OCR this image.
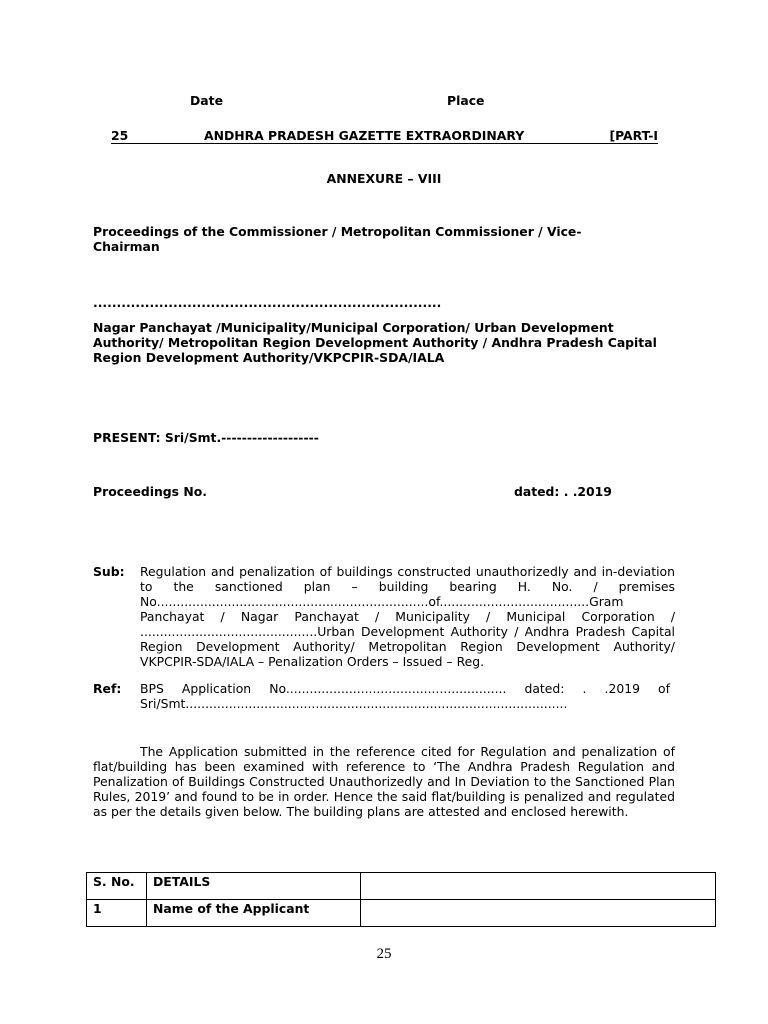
Date	Place
25	ANDHRA PRADESH GAZETTE EXTRAORDINARY	[PART-I
ANNEXURE – VIII
Proceedings of the Commissioner / Metropolitan Commissioner / Vice-Chairman
..........................................................................
Nagar Panchayat /Municipality/Municipal Corporation/ Urban Development Authority/ Metropolitan Region Development Authority / Andhra Pradesh Capital Region Development Authority/VKPCPIR-SDA/IALA
PRESENT: Sri/Smt.-------------------
Proceedings No.	dated: . .2019
Sub: Regulation and penalization of buildings constructed unauthorizedly and in-deviation to the sanctioned plan – building bearing H. No. / premises No.....................................................................of......................................Gram Panchayat / Nagar Panchayat / Municipality / Municipal Corporation / .............................................Urban Development Authority / Andhra Pradesh Capital Region Development Authority/ Metropolitan Region Development Authority/ VKPCPIR-SDA/IALA – Penalization Orders – Issued – Reg.
Ref: BPS Application No........................................................ dated: . .2019 of Sri/Smt.................................................................................................
The Application submitted in the reference cited for Regulation and penalization of flat/building has been examined with reference to ‘The Andhra Pradesh Regulation and Penalization of Buildings Constructed Unauthorizedly and In Deviation to the Sanctioned Plan Rules, 2019’ and found to be in order. Hence the said flat/building is penalized and regulated as per the details given below. The building plans are attested and enclosed herewith.
S. No.	DETAILS	
1	Name of the Applicant	
25
